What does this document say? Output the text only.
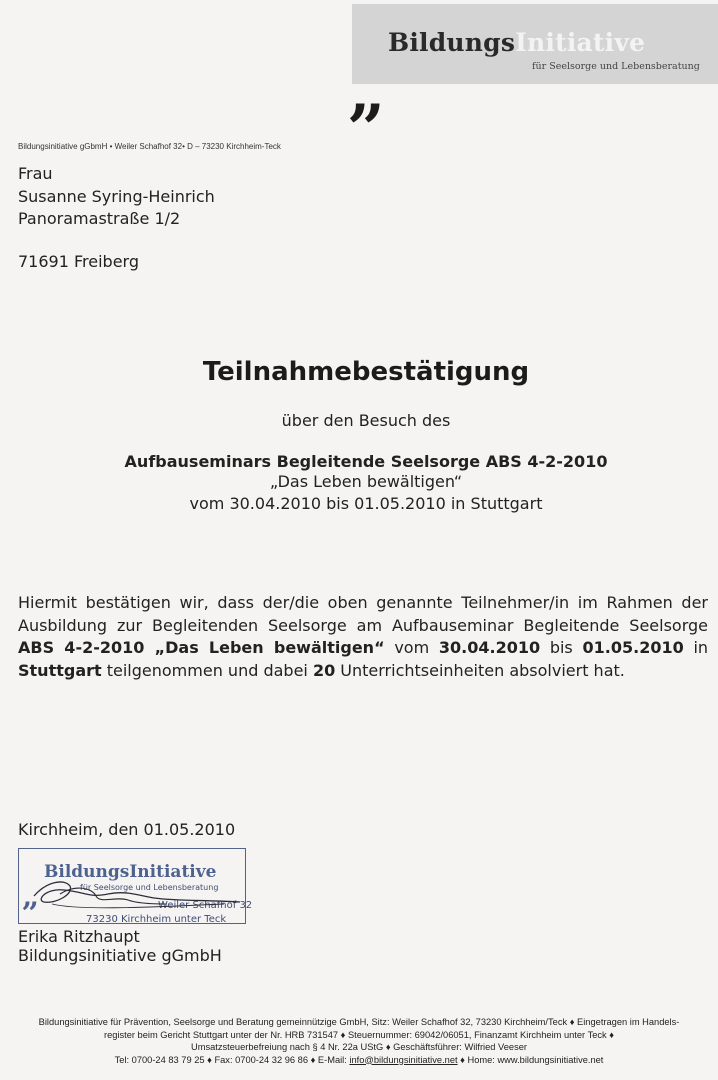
BildungsInitiative
für Seelsorge und Lebensberatung
„
Bildungsinitiative gGbmH • Weiler Schafhof 32• D – 73230 Kirchheim-Teck
Frau
Susanne Syring-Heinrich
Panoramastraße 1/2
71691 Freiberg
Teilnahmebestätigung
über den Besuch des
Aufbauseminars Begleitende Seelsorge ABS 4-2-2010
„Das Leben bewältigen“
vom 30.04.2010 bis 01.05.2010 in Stuttgart
Hiermit bestätigen wir, dass der/die oben genannte Teilnehmer/in im Rahmen der Ausbildung zur Begleitenden Seelsorge am Aufbauseminar Begleitende Seelsorge ABS 4-2-2010 „Das Leben bewältigen“ vom 30.04.2010 bis 01.05.2010 in Stuttgart teilgenommen und dabei 20 Unterrichtseinheiten absolviert hat.
Kirchheim, den 01.05.2010
BildungsInitiative
für Seelsorge und Lebensberatung
„	Weiler Schafhof 32
73230 Kirchheim unter Teck
Erika Ritzhaupt
Bildungsinitiative gGmbH
Bildungsinitiative für Prävention, Seelsorge und Beratung gemeinnützige GmbH, Sitz: Weiler Schafhof 32, 73230 Kirchheim/Teck ♦ Eingetragen im Handels-
register beim Gericht Stuttgart unter der Nr. HRB 731547 ♦ Steuernummer: 69042/06051, Finanzamt Kirchheim unter Teck ♦
Umsatzsteuerbefreiung nach § 4 Nr. 22a UStG ♦ Geschäftsführer: Wilfried Veeser
Tel: 0700-24 83 79 25 ♦ Fax: 0700-24 32 96 86 ♦ E-Mail: info@bildungsinitiative.net ♦ Home: www.bildungsinitiative.net
